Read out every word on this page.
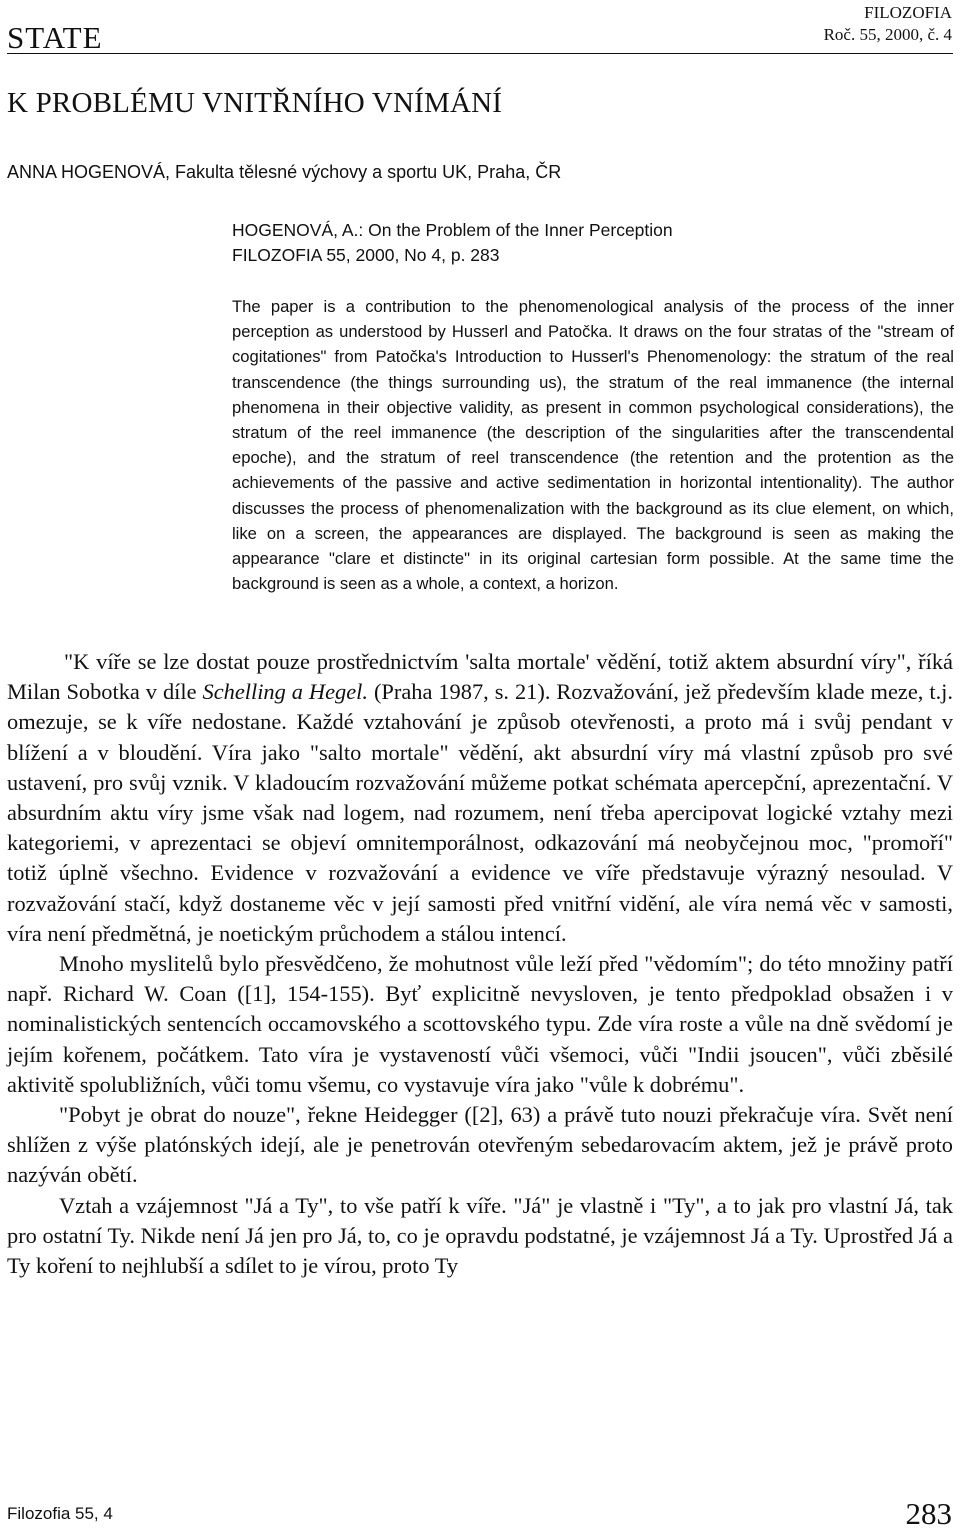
STATE
FILOZOFIA
Roč. 55, 2000, č. 4
K PROBLÉMU VNITŘNÍHO VNÍMÁNÍ
ANNA HOGENOVÁ, Fakulta tělesné výchovy a sportu UK, Praha, ČR
HOGENOVÁ, A.: On the Problem of the Inner Perception
FILOZOFIA 55, 2000, No 4, p. 283

The paper is a contribution to the phenomenological analysis of the process of the inner perception as understood by Husserl and Patočka. It draws on the four stratas of the "stream of cogitationes" from Patočka's Introduction to Husserl's Phenomenology: the stratum of the real transcendence (the things surrounding us), the stratum of the real immanence (the internal phenomena in their objective validity, as present in common psychological considerations), the stratum of the reel immanence (the description of the singularities after the transcendental epoche), and the stratum of reel transcendence (the retention and the protention as the achievements of the passive and active sedimentation in horizontal intentionality). The author discusses the process of phenomenalization with the background as its clue element, on which, like on a screen, the appearances are displayed. The background is seen as making the appearance "clare et distincte" in its original cartesian form possible. At the same time the background is seen as a whole, a context, a horizon.

"K víře se lze dostat pouze prostřednictvím 'salta mortale' vědění, totiž aktem absurdní víry", říká Milan Sobotka v díle Schelling a Hegel. (Praha 1987, s. 21). Rozvažování, jež především klade meze, t.j. omezuje, se k víře nedostane. Každé vztahování je způsob otevřenosti, a proto má i svůj pendant v blížení a v bloudění. Víra jako "salto mortale" vědění, akt absurdní víry má vlastní způsob pro své ustavení, pro svůj vznik. V kladoucím rozvažování můžeme potkat schémata apercepční, aprezentační. V absurdním aktu víry jsme však nad logem, nad rozumem, není třeba apercipovat logické vztahy mezi kategoriemi, v aprezentaci se objeví omnitemporálnost, odkazování má neobyčejnou moc, "promoří" totiž úplně všechno. Evidence v rozvažování a evidence ve víře představuje výrazný nesoulad. V rozvažování stačí, když dostaneme věc v její samosti před vnitřní vidění, ale víra nemá věc v samosti, víra není předmětná, je noetickým průchodem a stálou intencí.

Mnoho myslitelů bylo přesvědčeno, že mohutnost vůle leží před "vědomím"; do této množiny patří např. Richard W. Coan ([1], 154-155). Byť explicitně nevysloven, je tento předpoklad obsažen i v nominalistických sentencích occamovského a scottovského typu. Zde víra roste a vůle na dně svědomí je jejím kořenem, počátkem. Tato víra je vystaveností vůči všemoci, vůči "Indii jsoucen", vůči zběsilé aktivitě spolubližních, vůči tomu všemu, co vystavuje víra jako "vůle k dobrému".

"Pobyt je obrat do nouze", řekne Heidegger ([2], 63) a právě tuto nouzi překračuje víra. Svět není shlížen z výše platónských idejí, ale je penetrován otevřeným sebedarovacím aktem, jež je právě proto nazýván obětí.

Vztah a vzájemnost "Já a Ty", to vše patří k víře. "Já" je vlastně i "Ty", a to jak pro vlastní Já, tak pro ostatní Ty. Nikde není Já jen pro Já, to, co je opravdu podstatné, je vzájemnost Já a Ty. Uprostřed Já a Ty koření to nejhlubší a sdílet to je vírou, proto Ty

Filozofia 55, 4	283
